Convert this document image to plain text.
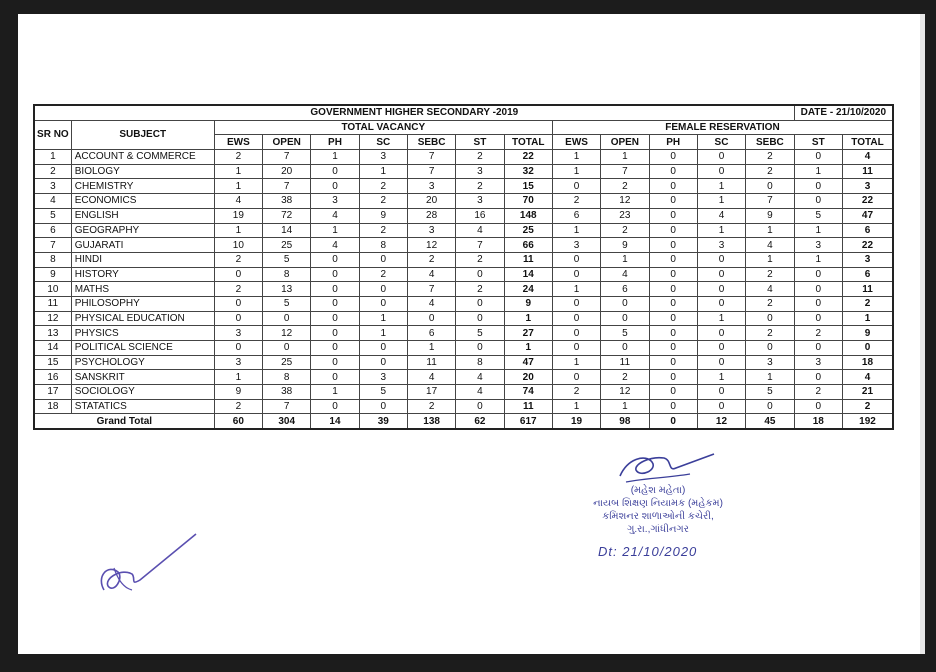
GOVERNMENT HIGHER SECONDARY -2019														DATE - 21/10/2020	
SR NO	SUBJECT	TOTAL VACANCY							FEMALE RESERVATION						
		EWS	OPEN	PH	SC	SEBC	ST	TOTAL	EWS	OPEN	PH	SC	SEBC	ST	TOTAL
1	ACCOUNT & COMMERCE	2	7	1	3	7	2	22	1	1	0	0	2	0	4
2	BIOLOGY	1	20	0	1	7	3	32	1	7	0	0	2	1	11
3	CHEMISTRY	1	7	0	2	3	2	15	0	2	0	1	0	0	3
4	ECONOMICS	4	38	3	2	20	3	70	2	12	0	1	7	0	22
5	ENGLISH	19	72	4	9	28	16	148	6	23	0	4	9	5	47
6	GEOGRAPHY	1	14	1	2	3	4	25	1	2	0	1	1	1	6
7	GUJARATI	10	25	4	8	12	7	66	3	9	0	3	4	3	22
8	HINDI	2	5	0	0	2	2	11	0	1	0	0	1	1	3
9	HISTORY	0	8	0	2	4	0	14	0	4	0	0	2	0	6
10	MATHS	2	13	0	0	7	2	24	1	6	0	0	4	0	11
11	PHILOSOPHY	0	5	0	0	4	0	9	0	0	0	0	2	0	2
12	PHYSICAL EDUCATION	0	0	0	1	0	0	1	0	0	0	1	0	0	1
13	PHYSICS	3	12	0	1	6	5	27	0	5	0	0	2	2	9
14	POLITICAL SCIENCE	0	0	0	0	1	0	1	0	0	0	0	0	0	0
15	PSYCHOLOGY	3	25	0	0	11	8	47	1	11	0	0	3	3	18
16	SANSKRIT	1	8	0	3	4	4	20	0	2	0	1	1	0	4
17	SOCIOLOGY	9	38	1	5	17	4	74	2	12	0	0	5	2	21
18	STATATICS	2	7	0	0	2	0	11	1	1	0	0	0	0	2
Grand Total		60	304	14	39	138	62	617	19	98	0	12	45	18	192
(મહેશ મહેતા)
નાયબ શિક્ષણ નિયામક (મહેકમ)
કમિશનર શાળાઓની કચેરી,
ગુ.રા.,ગાંધીનગર
Dt: 21/10/2020
